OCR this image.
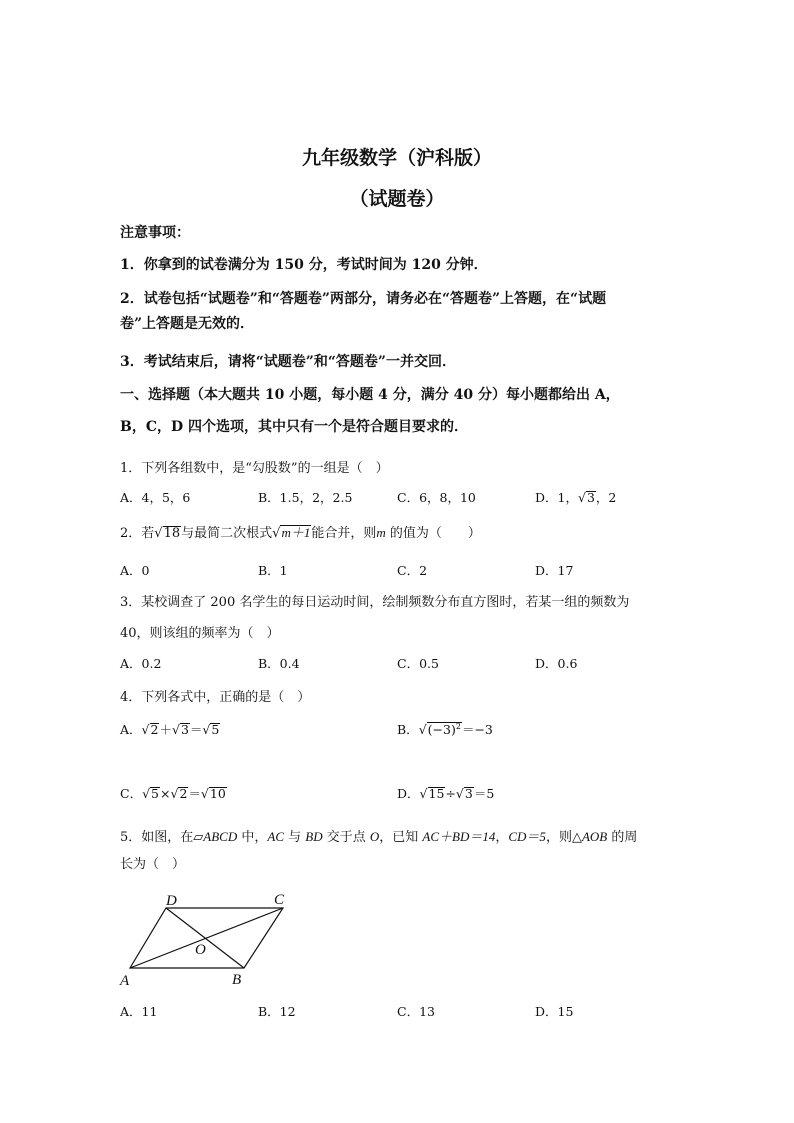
九年级数学（沪科版）
（试题卷）
注意事项：
1．你拿到的试卷满分为 150 分，考试时间为 120 分钟．
2．试卷包括“试题卷”和“答题卷”两部分，请务必在“答题卷”上答题，在“试题
卷”上答题是无效的．
3．考试结束后，请将“试题卷”和“答题卷”一并交回．
一、选择题（本大题共 10 小题，每小题 4 分，满分 40 分）每小题都给出 A，
B，C，D 四个选项，其中只有一个是符合题目要求的．
1．下列各组数中，是“勾股数”的一组是（　）
A．4，5，6	B．1.5，2，2.5	C．6，8，10	D．1，√3，2
2．若√18与最简二次根式√m＋1能合并，则m 的值为（　　）
A．0	B．1	C．2	D．17
3．某校调查了 200 名学生的每日运动时间，绘制频数分布直方图时，若某一组的频数为
40，则该组的频率为（　）
A．0.2	B．0.4	C．0.5	D．0.6
4．下列各式中，正确的是（　）
A．√2＋√3＝√5	B．$√(-3)^2=-3$
C．√5×√2＝√10	D．√15÷√3＝5
5．如图，在▱ABCD 中，AC 与 BD 交于点 O，已知 AC＋BD＝14，CD＝5，则△AOB 的周
长为（　）
A	B
C
D
O
A．11	B．12	C．13	D．15
